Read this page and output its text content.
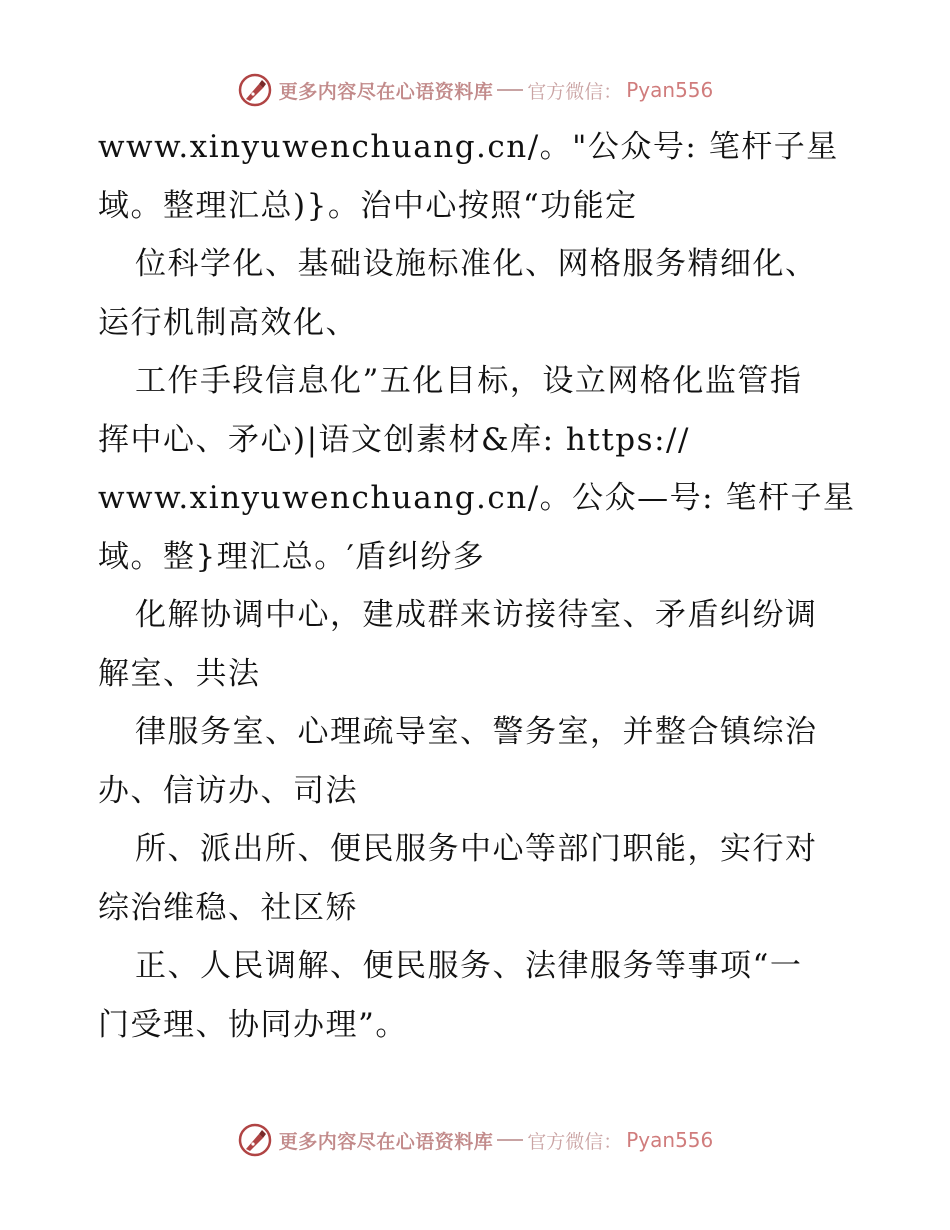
更多内容尽在心语资料库 官方微信： Pyan556
www.xinyuwenchuang.cn/。"公众号: 笔杆子星
域。整理汇总)}。治中心按照“功能定
位科学化、基础设施标准化、网格服务精细化、
运行机制高效化、
工作手段信息化”五化目标，设立网格化监管指
挥中心、矛心)|语文创素材&库: https://
www.xinyuwenchuang.cn/。公众—号: 笔杆子星
域。整}理汇总。′盾纠纷多
化解协调中心，建成群来访接待室、矛盾纠纷调
解室、共法
律服务室、心理疏导室、警务室，并整合镇综治
办、信访办、司法
所、派出所、便民服务中心等部门职能，实行对
综治维稳、社区矫
正、人民调解、便民服务、法律服务等事项“一
门受理、协同办理”。
更多内容尽在心语资料库 官方微信： Pyan556
